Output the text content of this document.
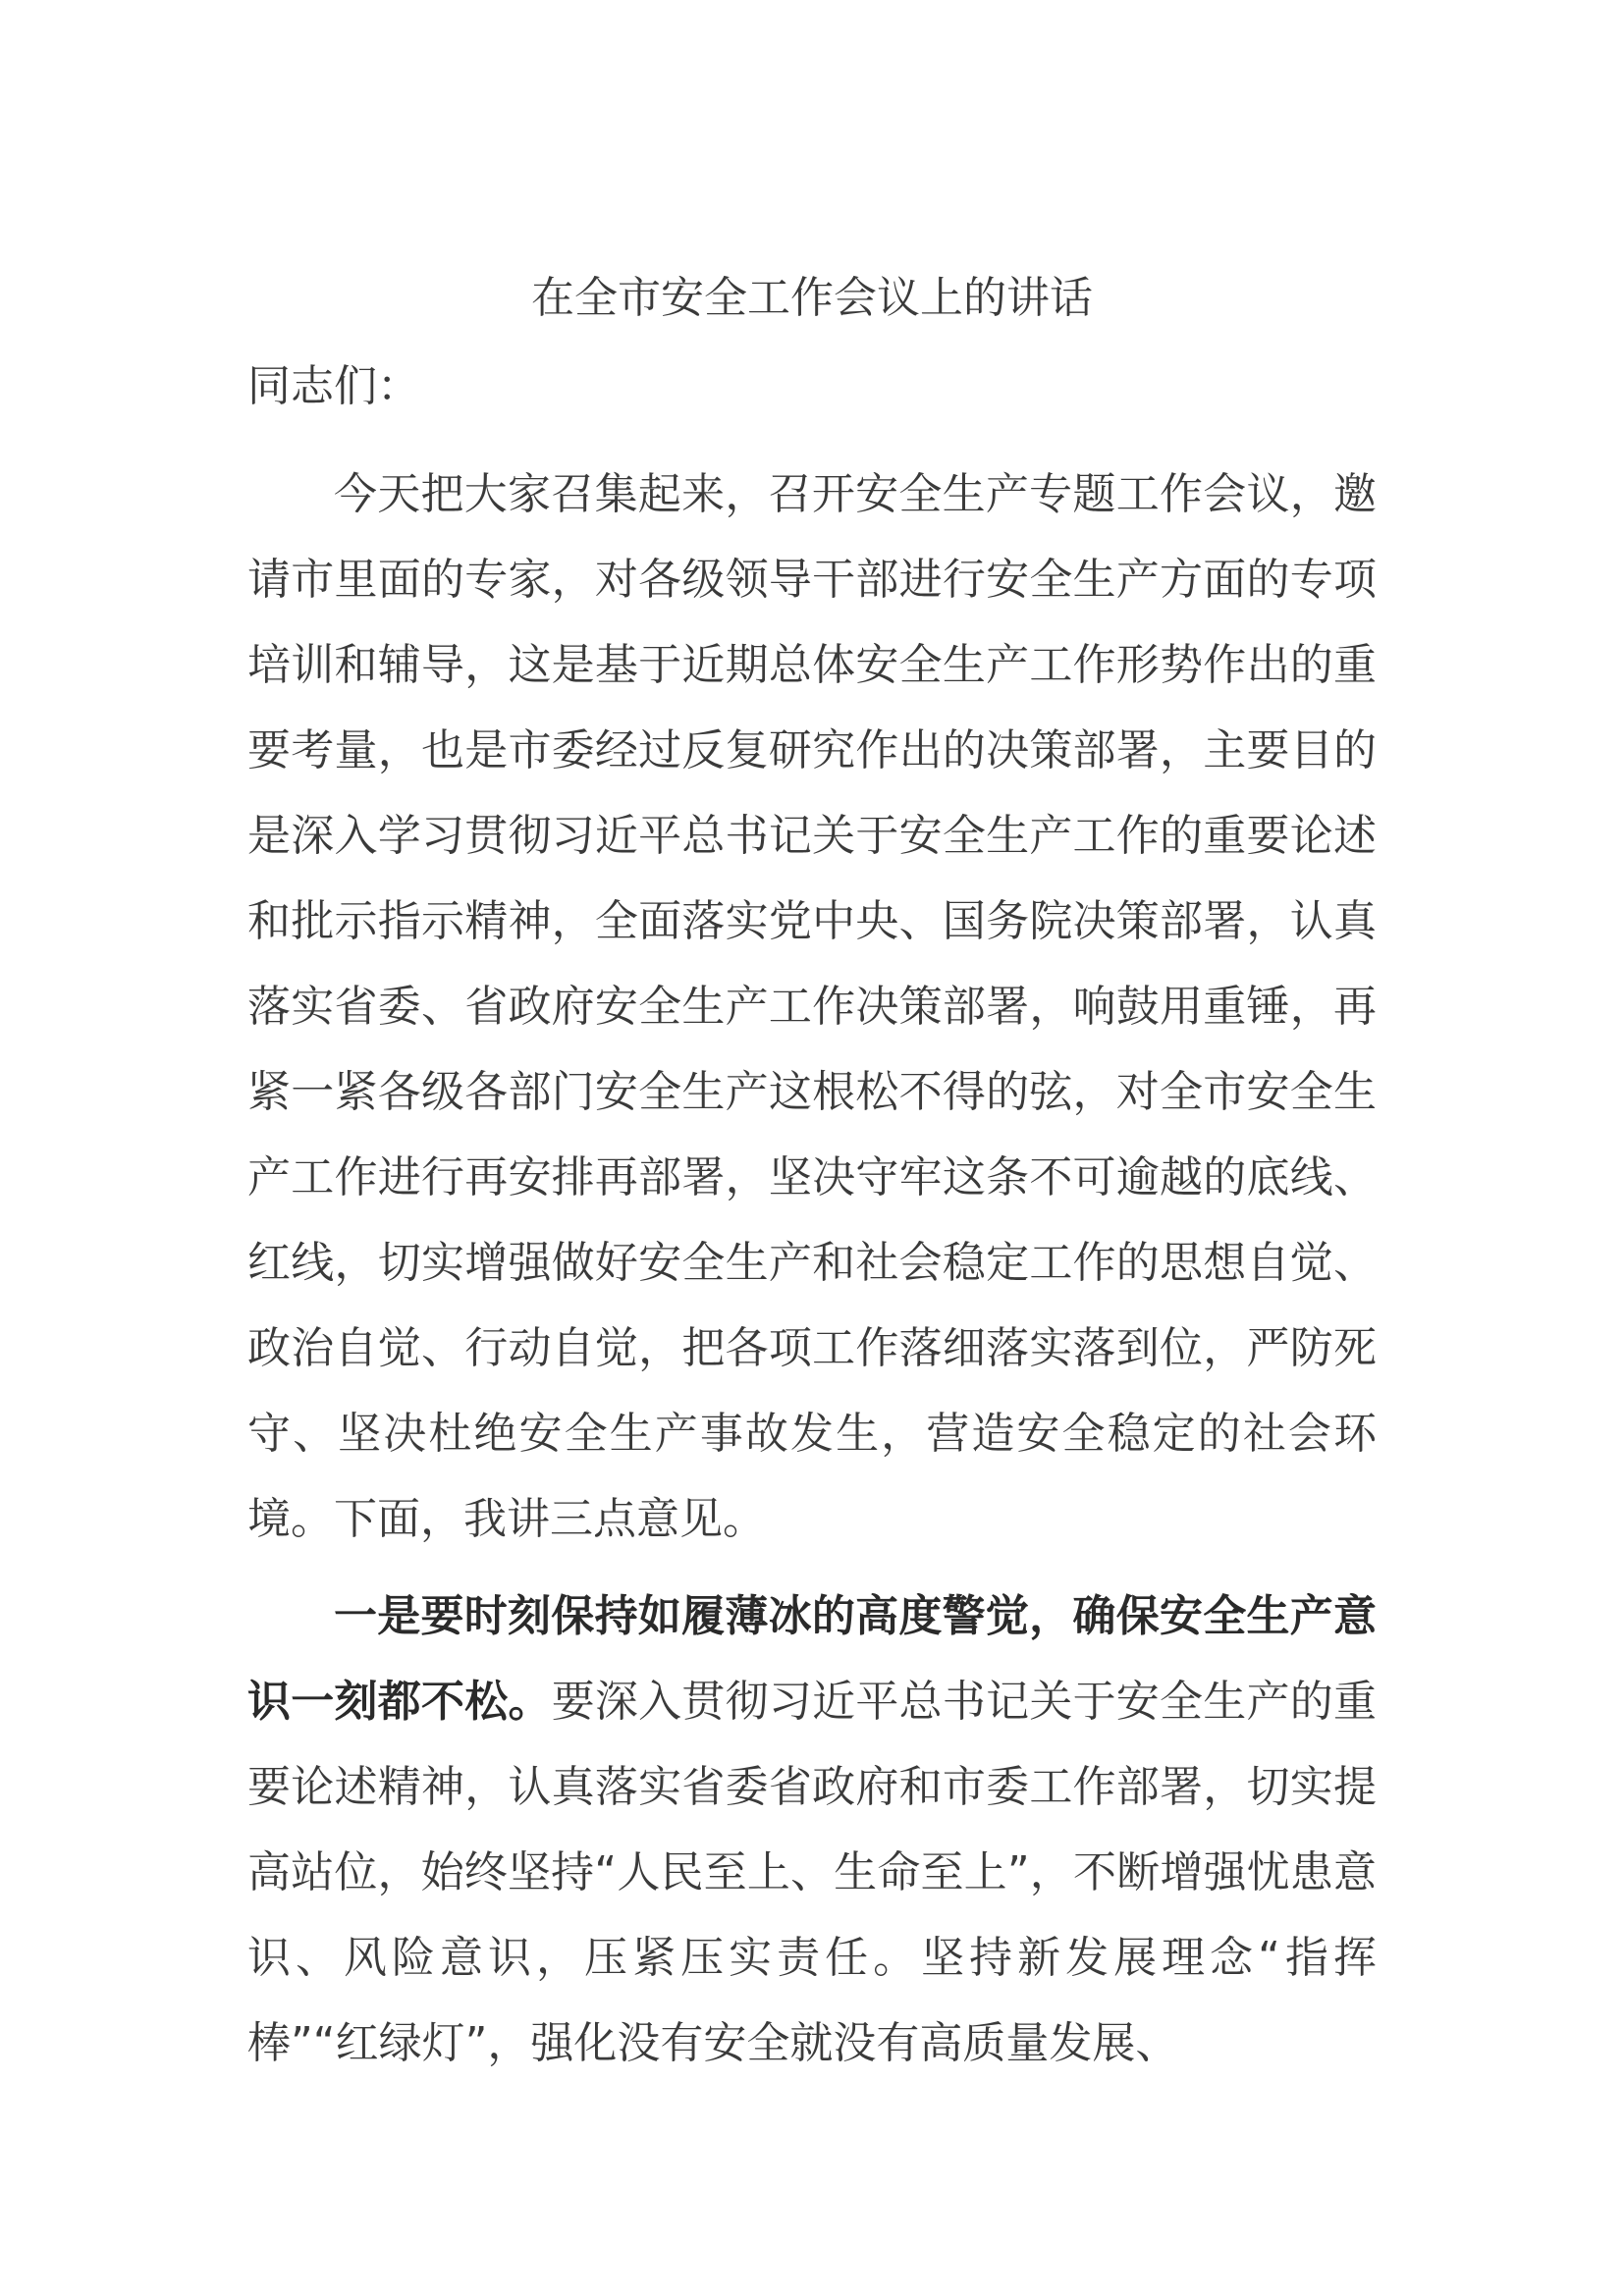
在全市安全工作会议上的讲话

同志们：

今天把大家召集起来，召开安全生产专题工作会议，邀请市里面的专家，对各级领导干部进行安全生产方面的专项培训和辅导，这是基于近期总体安全生产工作形势作出的重要考量，也是市委经过反复研究作出的决策部署，主要目的是深入学习贯彻习近平总书记关于安全生产工作的重要论述和批示指示精神，全面落实党中央、国务院决策部署，认真落实省委、省政府安全生产工作决策部署，响鼓用重锤，再紧一紧各级各部门安全生产这根松不得的弦，对全市安全生产工作进行再安排再部署，坚决守牢这条不可逾越的底线、红线，切实增强做好安全生产和社会稳定工作的思想自觉、政治自觉、行动自觉，把各项工作落细落实落到位，严防死守、坚决杜绝安全生产事故发生，营造安全稳定的社会环境。下面，我讲三点意见。

一是要时刻保持如履薄冰的高度警觉，确保安全生产意识一刻都不松。要深入贯彻习近平总书记关于安全生产的重要论述精神，认真落实省委省政府和市委工作部署，切实提高站位，始终坚持“人民至上、生命至上”，不断增强忧患意识、风险意识，压紧压实责任。坚持新发展理念“指挥棒”“红绿灯”，强化没有安全就没有高质量发展、
